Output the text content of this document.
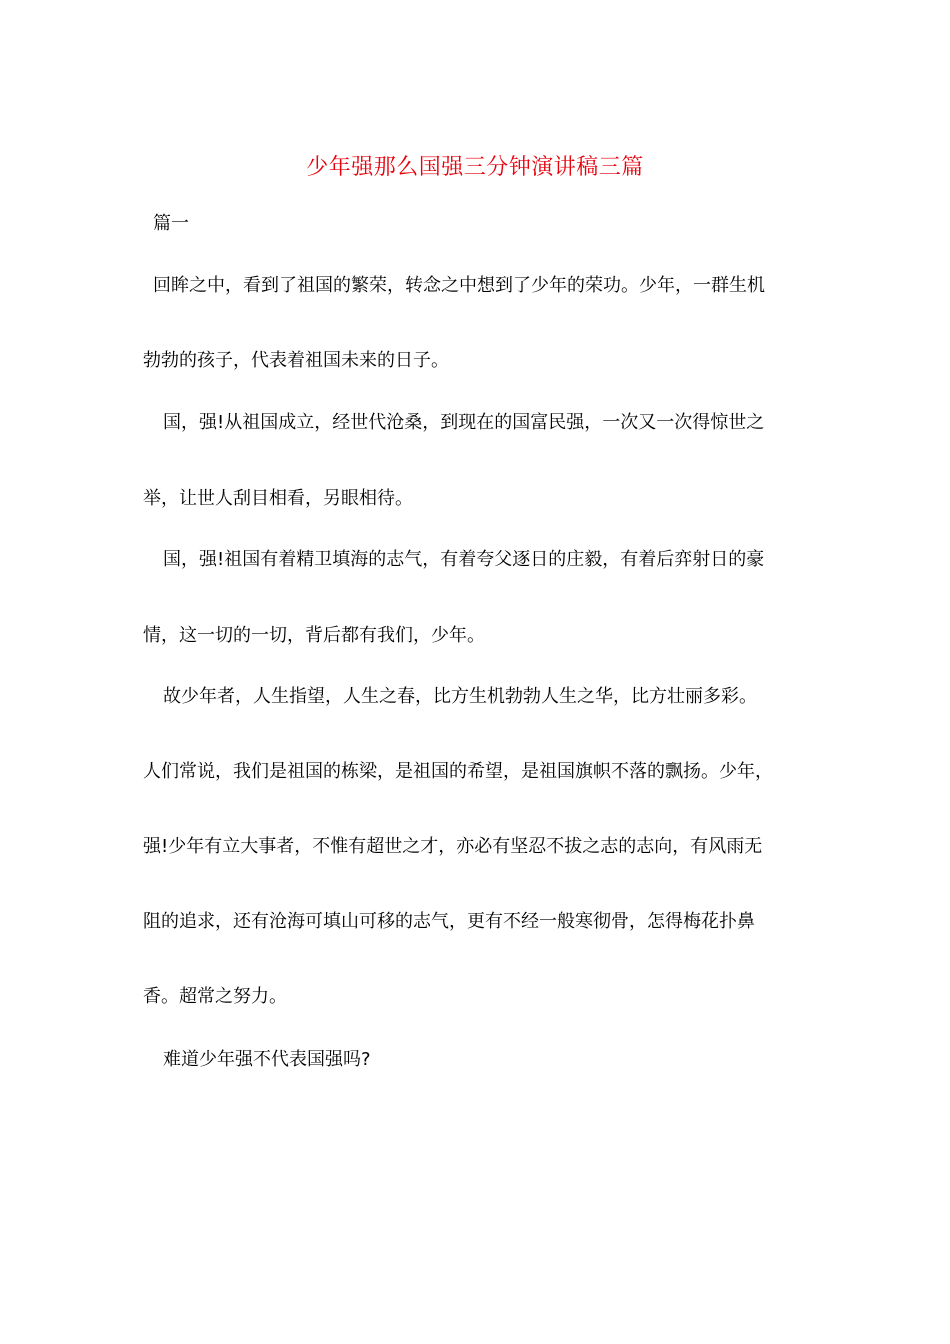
少年强那么国强三分钟演讲稿三篇

篇一

回眸之中，看到了祖国的繁荣，转念之中想到了少年的荣功。少年，一群生机

勃勃的孩子，代表着祖国未来的日子。

国，强!从祖国成立，经世代沧桑，到现在的国富民强，一次又一次得惊世之

举，让世人刮目相看，另眼相待。

国，强!祖国有着精卫填海的志气，有着夸父逐日的庄毅，有着后弈射日的豪

情，这一切的一切，背后都有我们，少年。

故少年者，人生指望，人生之春，比方生机勃勃人生之华，比方壮丽多彩。

人们常说，我们是祖国的栋梁，是祖国的希望，是祖国旗帜不落的飘扬。少年，

强!少年有立大事者，不惟有超世之才，亦必有坚忍不拔之志的志向，有风雨无

阻的追求，还有沧海可填山可移的志气，更有不经一般寒彻骨，怎得梅花扑鼻

香。超常之努力。

难道少年强不代表国强吗?
